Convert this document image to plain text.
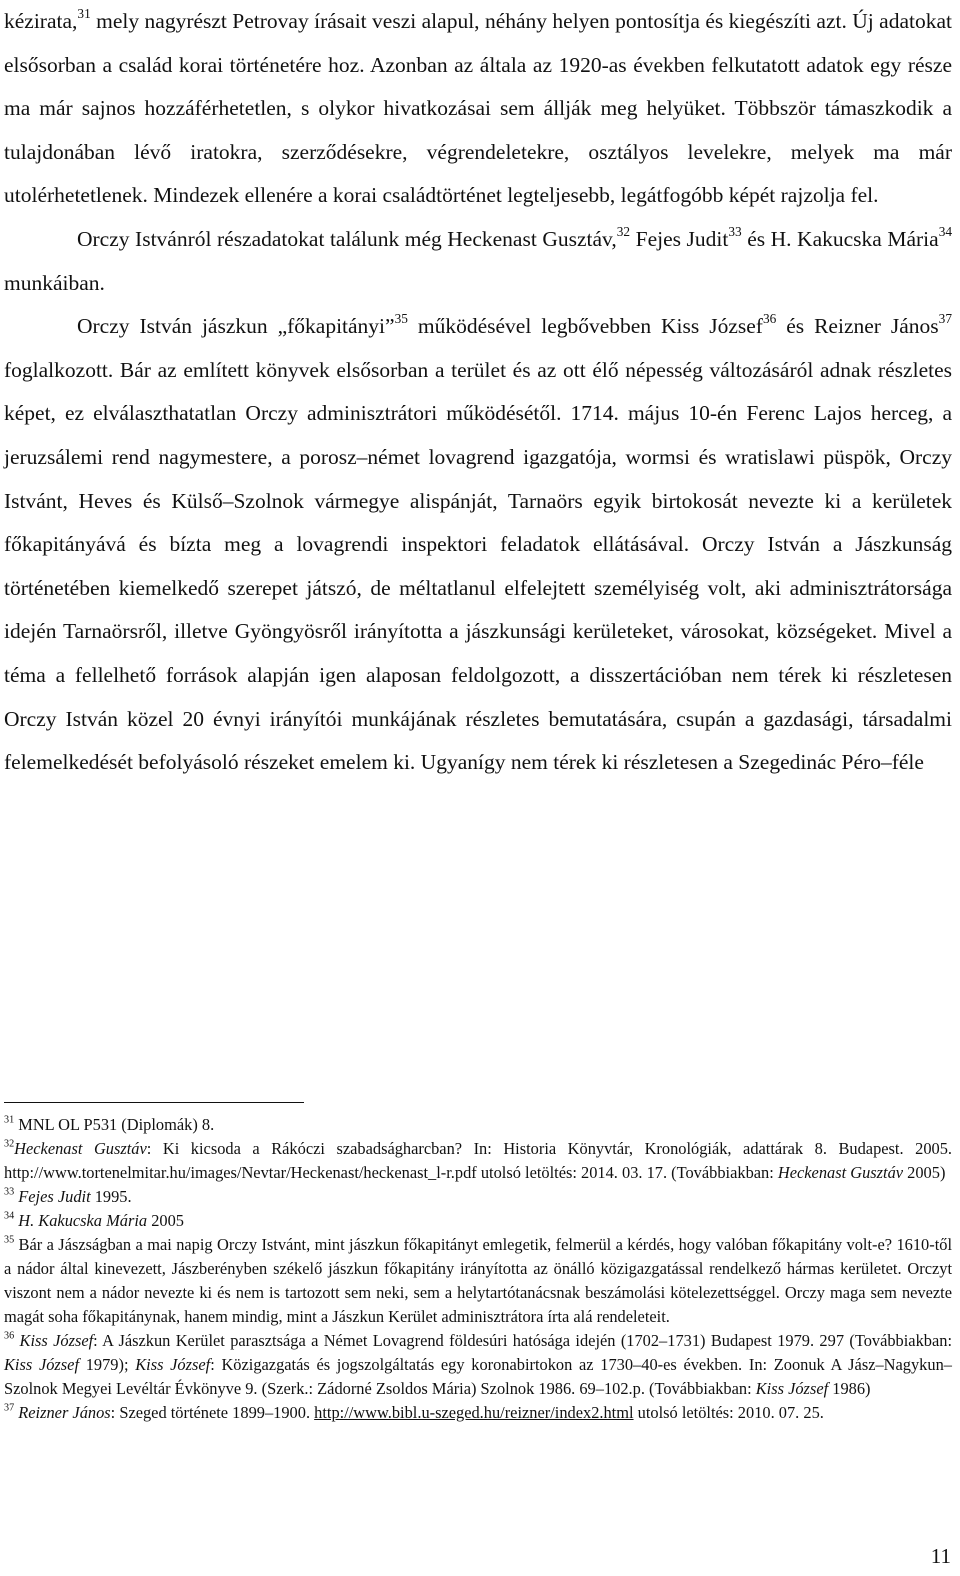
kézirata,$^{31}$ mely nagyrészt Petrovay írásait veszi alapul, néhány helyen pontosítja és kiegészíti azt. Új adatokat elsősorban a család korai történetére hoz. Azonban az általa az 1920-as években felkutatott adatok egy része ma már sajnos hozzáférhetetlen, s olykor hivatkozásai sem állják meg helyüket. Többször támaszkodik a tulajdonában lévő iratokra, szerződésekre, végrendeletekre, osztályos levelekre, melyek ma már utolérhetetlenek. Mindezek ellenére a korai családtörténet legteljesebb, legátfogóbb képét rajzolja fel.

Orczy Istvánról részadatokat találunk még Heckenast Gusztáv,$^{32}$ Fejes Judit$^{33}$ és H. Kakucska Mária$^{34}$ munkáiban.

Orczy István jászkun „főkapitányi”$^{35}$ működésével legbővebben Kiss József$^{36}$ és Reizner János$^{37}$ foglalkozott. Bár az említett könyvek elsősorban a terület és az ott élő népesség változásáról adnak részletes képet, ez elválaszthatatlan Orczy adminisztrátori működésétől. 1714. május 10-én Ferenc Lajos herceg, a jeruzsálemi rend nagymestere, a porosz–német lovagrend igazgatója, wormsi és wratislawi püspök, Orczy Istvánt, Heves és Külső–Szolnok vármegye alispánját, Tarnaörs egyik birtokosát nevezte ki a kerületek főkapitányává és bízta meg a lovagrendi inspektori feladatok ellátásával. Orczy István a Jászkunság történetében kiemelkedő szerepet játszó, de méltatlanul elfelejtett személyiség volt, aki adminisztrátorsága idején Tarnaörsről, illetve Gyöngyösről irányította a jászkunsági kerületeket, városokat, községeket. Mivel a téma a fellelhető források alapján igen alaposan feldolgozott, a disszertációban nem térek ki részletesen Orczy István közel 20 évnyi irányítói munkájának részletes bemutatására, csupán a gazdasági, társadalmi felemelkedését befolyásoló részeket emelem ki. Ugyanígy nem térek ki részletesen a Szegedinác Péro–féle

$^{31}$ MNL OL P531 (Diplomák) 8.

$^{32}$Heckenast Gusztáv: Ki kicsoda a Rákóczi szabadságharcban? In: Historia Könyvtár, Kronológiák, adattárak 8. Budapest. 2005. http://www.tortenelmitar.hu/images/Nevtar/Heckenast/heckenast_l-r.pdf utolsó letöltés: 2014. 03. 17. (Továbbiakban: Heckenast Gusztáv 2005)

$^{33}$ Fejes Judit 1995.

$^{34}$ H. Kakucska Mária 2005

$^{35}$ Bár a Jászságban a mai napig Orczy Istvánt, mint jászkun főkapitányt emlegetik, felmerül a kérdés, hogy valóban főkapitány volt-e? 1610-től a nádor által kinevezett, Jászberényben székelő jászkun főkapitány irányította az önálló közigazgatással rendelkező hármas kerületet. Orczyt viszont nem a nádor nevezte ki és nem is tartozott sem neki, sem a helytartótanácsnak beszámolási kötelezettséggel. Orczy maga sem nevezte magát soha főkapitánynak, hanem mindig, mint a Jászkun Kerület adminisztrátora írta alá rendeleteit.

$^{36}$ Kiss József: A Jászkun Kerület parasztsága a Német Lovagrend földesúri hatósága idején (1702–1731) Budapest 1979. 297 (Továbbiakban: Kiss József 1979); Kiss József: Közigazgatás és jogszolgáltatás egy koronabirtokon az 1730–40-es években. In: Zoonuk A Jász–Nagykun–Szolnok Megyei Levéltár Évkönyve 9. (Szerk.: Zádorné Zsoldos Mária) Szolnok 1986. 69–102.p. (Továbbiakban: Kiss József 1986)

$^{37}$ Reizner János: Szeged története 1899–1900. http://www.bibl.u-szeged.hu/reizner/index2.html utolsó letöltés: 2010. 07. 25.

11
